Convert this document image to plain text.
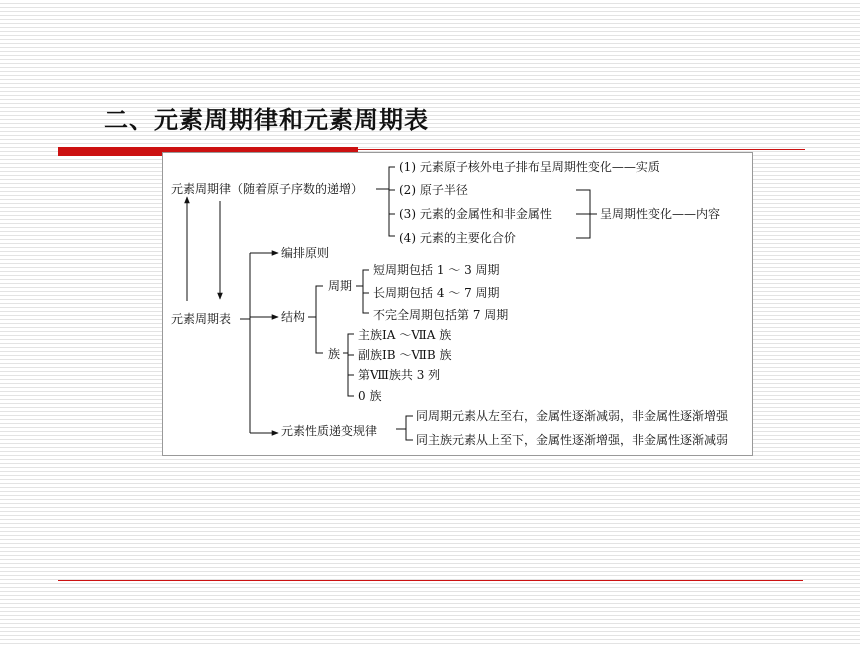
二、元素周期律和元素周期表
元素周期律（随着原子序数的递增）
(1) 元素原子核外电子排布呈周期性变化——实质
(2) 原子半径
(3) 元素的金属性和非金属性
(4) 元素的主要化合价
呈周期性变化——内容
元素周期表
编排原则
结构
周期
短周期包括 1 ～ 3 周期
长周期包括 4 ～ 7 周期
不完全周期包括第 7 周期
族
主族ⅠA ～ⅦA 族
副族ⅠB ～ⅦB 族
第Ⅷ族共 3 列
0 族
元素性质递变规律
同周期元素从左至右，金属性逐渐减弱，非金属性逐渐增强
同主族元素从上至下，金属性逐渐增强，非金属性逐渐减弱
